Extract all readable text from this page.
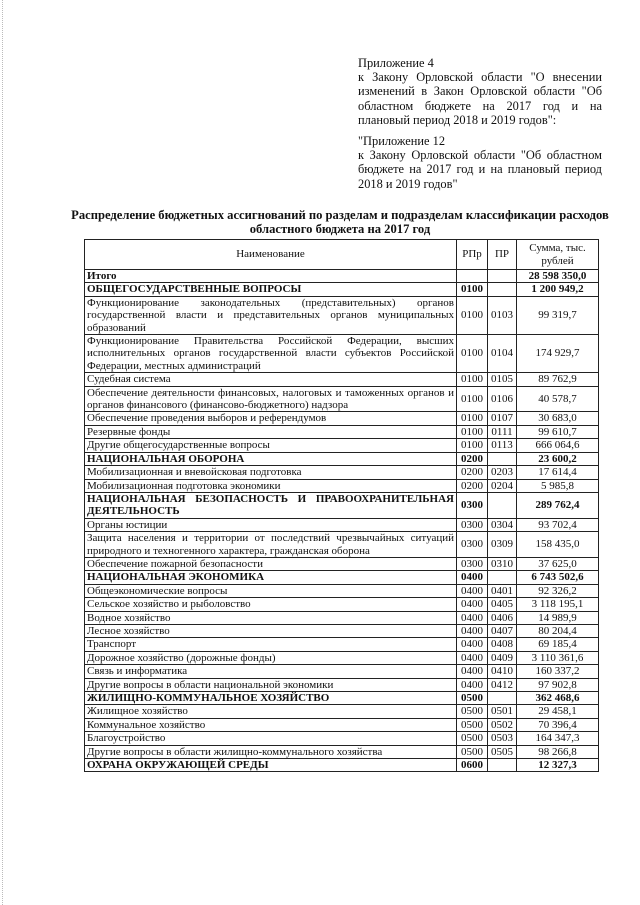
Приложение 4

к Закону Орловской области "О внесении изменений в Закон Орловской области "Об областном бюджете на 2017 год и на плановый период 2018 и 2019 годов":

"Приложение 12

к Закону Орловской области "Об областном бюджете на 2017 год и на плановый период 2018 и 2019 годов"

Распределение бюджетных ассигнований по разделам и подразделам классификации расходов областного бюджета на 2017 год
Наименование	РПр	ПР	Сумма, тыс. рублей
Итого			28 598 350,0
ОБЩЕГОСУДАРСТВЕННЫЕ ВОПРОСЫ	0100		1 200 949,2
Функционирование законодательных (представительных) органов государственной власти и представительных органов муниципальных образований	0100	0103	99 319,7
Функционирование Правительства Российской Федерации, высших исполнительных органов государственной власти субъектов Российской Федерации, местных администраций	0100	0104	174 929,7
Судебная система	0100	0105	89 762,9
Обеспечение деятельности финансовых, налоговых и таможенных органов и органов финансового (финансово-бюджетного) надзора	0100	0106	40 578,7
Обеспечение проведения выборов и референдумов	0100	0107	30 683,0
Резервные фонды	0100	0111	99 610,7
Другие общегосударственные вопросы	0100	0113	666 064,6
НАЦИОНАЛЬНАЯ ОБОРОНА	0200		23 600,2
Мобилизационная и вневойсковая подготовка	0200	0203	17 614,4
Мобилизационная подготовка экономики	0200	0204	5 985,8
НАЦИОНАЛЬНАЯ БЕЗОПАСНОСТЬ И ПРАВООХРАНИТЕЛЬНАЯ ДЕЯТЕЛЬНОСТЬ	0300		289 762,4
Органы юстиции	0300	0304	93 702,4
Защита населения и территории от последствий чрезвычайных ситуаций природного и техногенного характера, гражданская оборона	0300	0309	158 435,0
Обеспечение пожарной безопасности	0300	0310	37 625,0
НАЦИОНАЛЬНАЯ ЭКОНОМИКА	0400		6 743 502,6
Общеэкономические вопросы	0400	0401	92 326,2
Сельское хозяйство и рыболовство	0400	0405	3 118 195,1
Водное хозяйство	0400	0406	14 989,9
Лесное хозяйство	0400	0407	80 204,4
Транспорт	0400	0408	69 185,4
Дорожное хозяйство (дорожные фонды)	0400	0409	3 110 361,6
Связь и информатика	0400	0410	160 337,2
Другие вопросы в области национальной экономики	0400	0412	97 902,8
ЖИЛИЩНО-КОММУНАЛЬНОЕ ХОЗЯЙСТВО	0500		362 468,6
Жилищное хозяйство	0500	0501	29 458,1
Коммунальное хозяйство	0500	0502	70 396,4
Благоустройство	0500	0503	164 347,3
Другие вопросы в области жилищно-коммунального хозяйства	0500	0505	98 266,8
ОХРАНА ОКРУЖАЮЩЕЙ СРЕДЫ	0600		12 327,3
